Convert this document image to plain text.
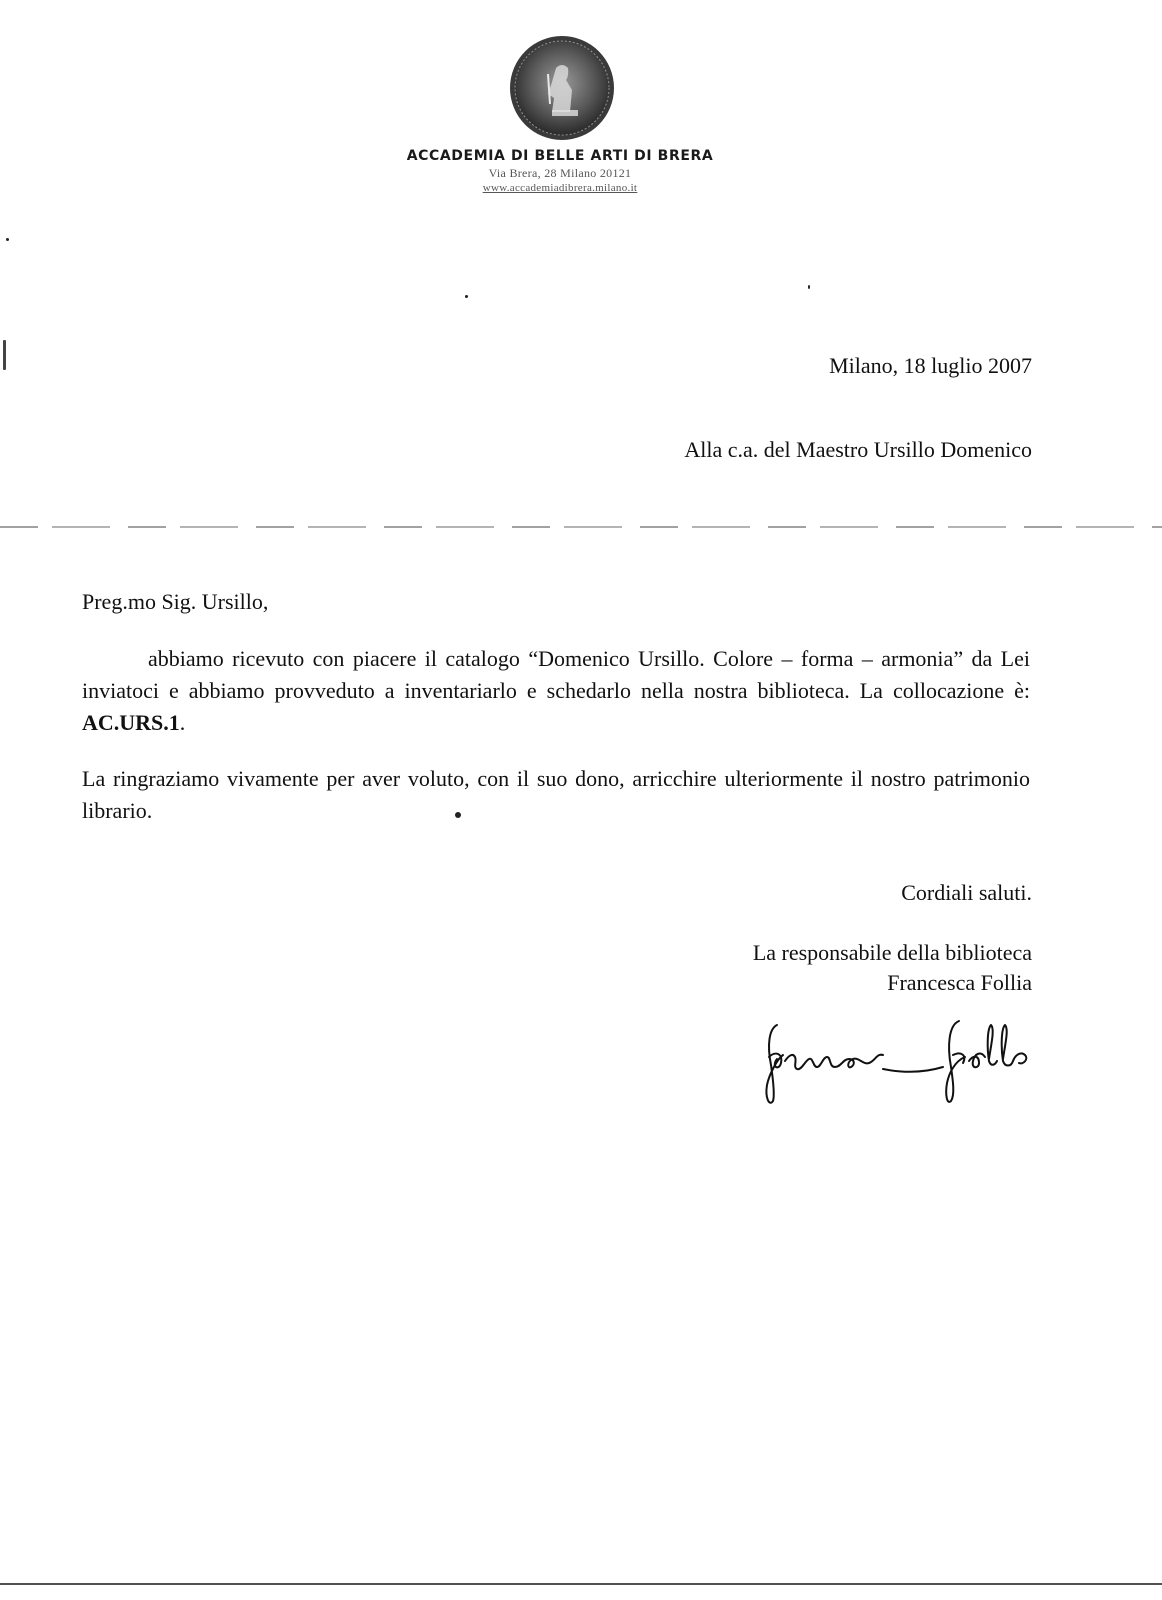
ACCADEMIA DI BELLE ARTI DI BRERA
Via Brera, 28 Milano 20121
www.accademiadibrera.milano.it
Milano, 18 luglio 2007
Alla c.a. del Maestro Ursillo Domenico
Preg.mo Sig. Ursillo,
abbiamo ricevuto con piacere il catalogo “Domenico Ursillo. Colore – forma – armonia” da Lei inviatoci e abbiamo provveduto a inventariarlo e schedarlo nella nostra biblioteca. La collocazione è: AC.URS.1.
La ringraziamo vivamente per aver voluto, con il suo dono, arricchire ulteriormente il nostro patrimonio librario.
Cordiali saluti.
La responsabile della biblioteca
Francesca Follia
